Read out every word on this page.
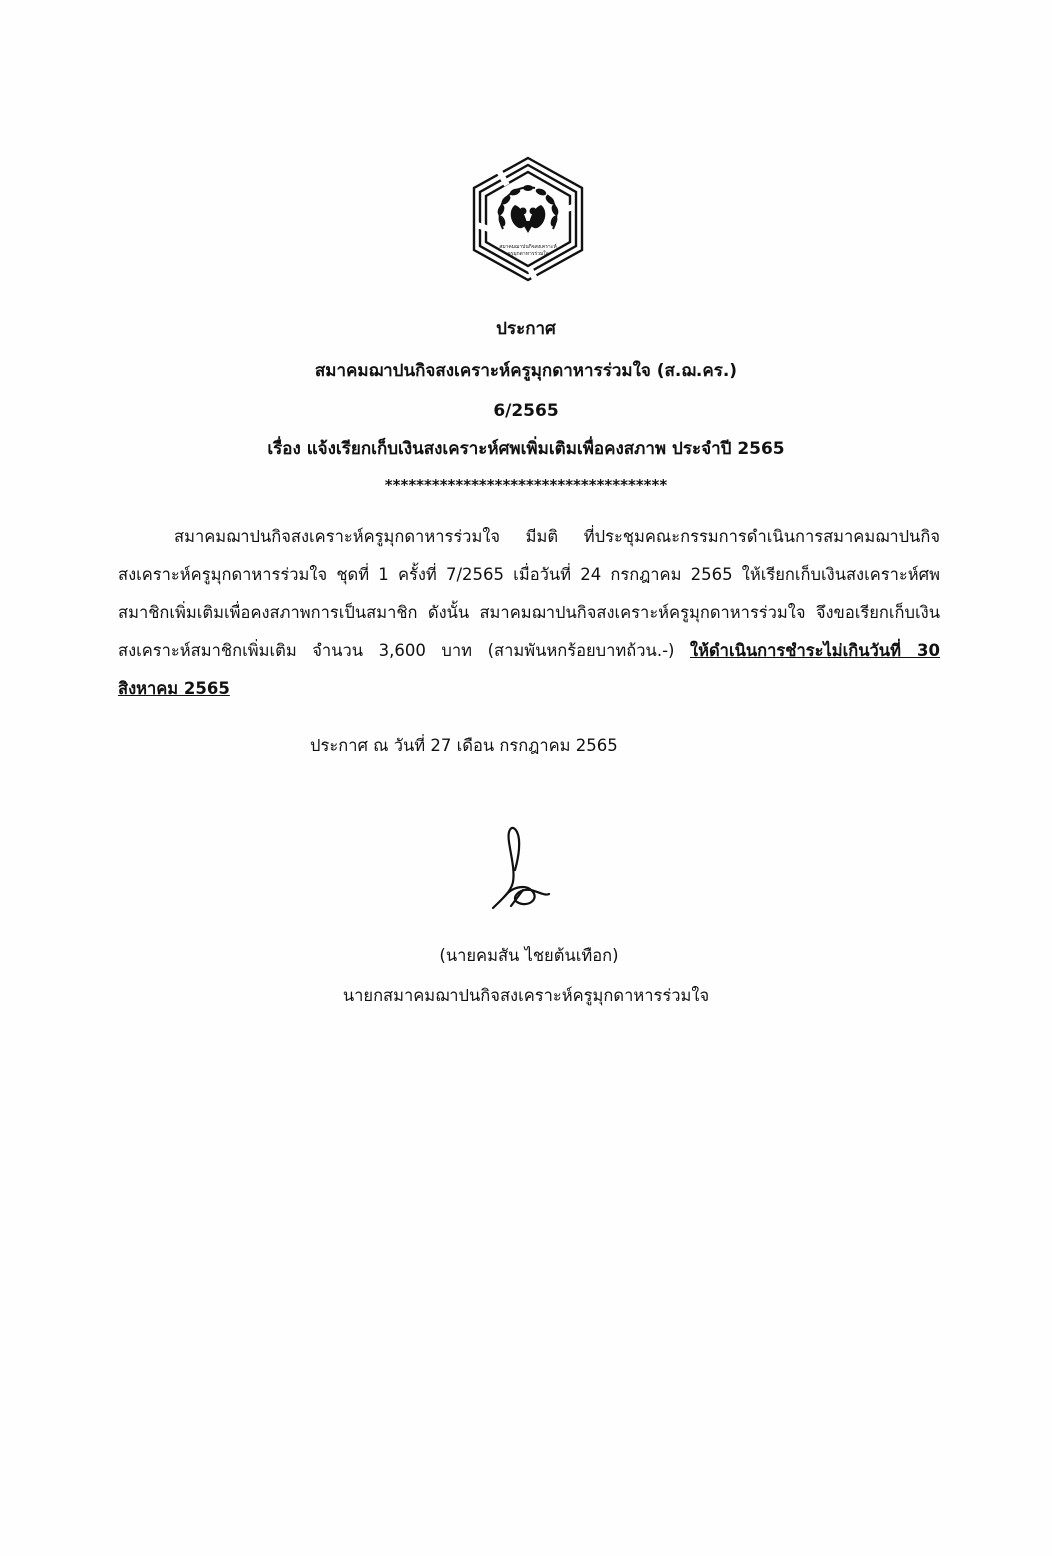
สมาคมฌาปนกิจสงเคราะห์
ครูมุกดาหารร่วมใจ
ประกาศ
สมาคมฌาปนกิจสงเคราะห์ครูมุกดาหารร่วมใจ (ส.ฌ.คร.)
6/2565
เรื่อง แจ้งเรียกเก็บเงินสงเคราะห์ศพเพิ่มเติมเพื่อคงสภาพ ประจำปี 2565
************************************
สมาคมฌาปนกิจสงเคราะห์ครูมุกดาหารร่วมใจ มีมติ ที่ประชุมคณะกรรมการดำเนินการสมาคมฌาปนกิจสงเคราะห์ครูมุกดาหารร่วมใจ ชุดที่ 1 ครั้งที่ 7/2565 เมื่อวันที่ 24 กรกฎาคม 2565 ให้เรียกเก็บเงินสงเคราะห์ศพสมาชิกเพิ่มเติมเพื่อคงสภาพการเป็นสมาชิก ดังนั้น สมาคมฌาปนกิจสงเคราะห์ครูมุกดาหารร่วมใจ จึงขอเรียกเก็บเงินสงเคราะห์สมาชิกเพิ่มเติม จำนวน 3,600 บาท (สามพันหกร้อยบาทถ้วน.-) ให้ดำเนินการชำระไม่เกินวันที่ 30 สิงหาคม 2565
ประกาศ ณ วันที่ 27 เดือน กรกฎาคม 2565
(นายคมสัน ไชยต้นเทือก)
นายกสมาคมฌาปนกิจสงเคราะห์ครูมุกดาหารร่วมใจ
